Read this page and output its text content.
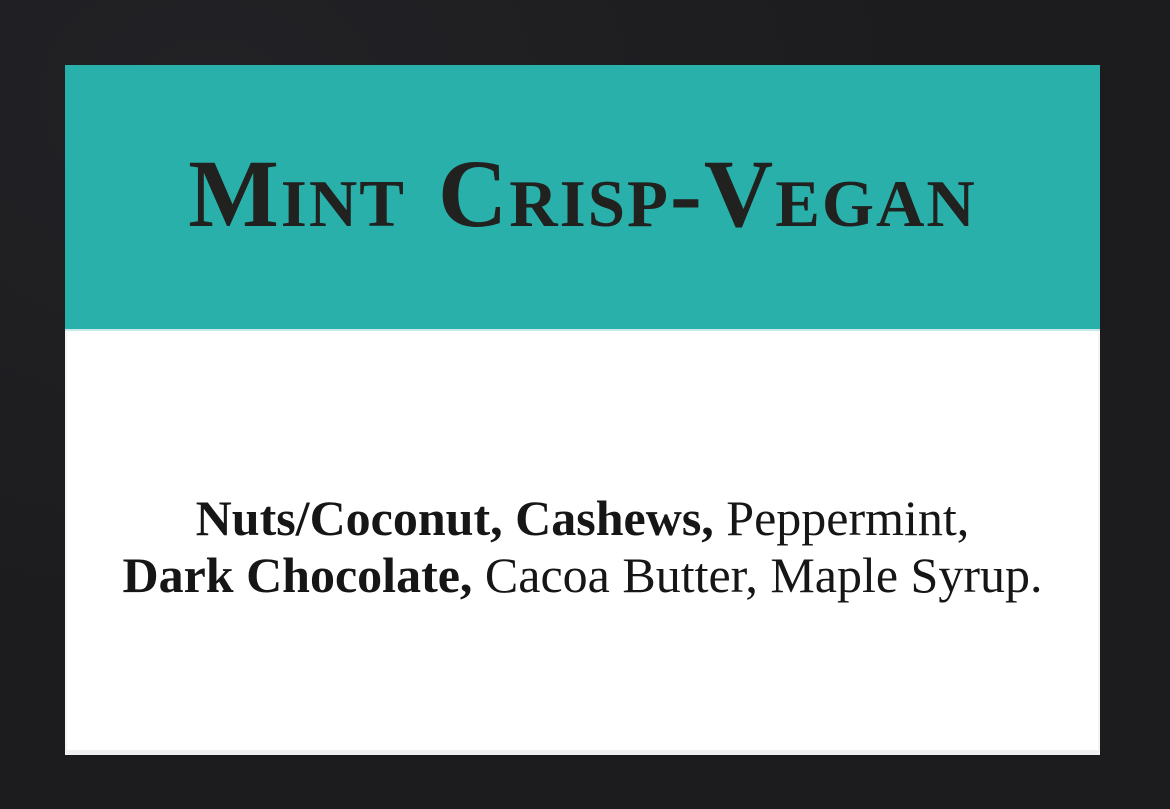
Mint Crisp-Vegan

Nuts/Coconut, Cashews, Peppermint,
Dark Chocolate, Cacoa Butter, Maple Syrup.
